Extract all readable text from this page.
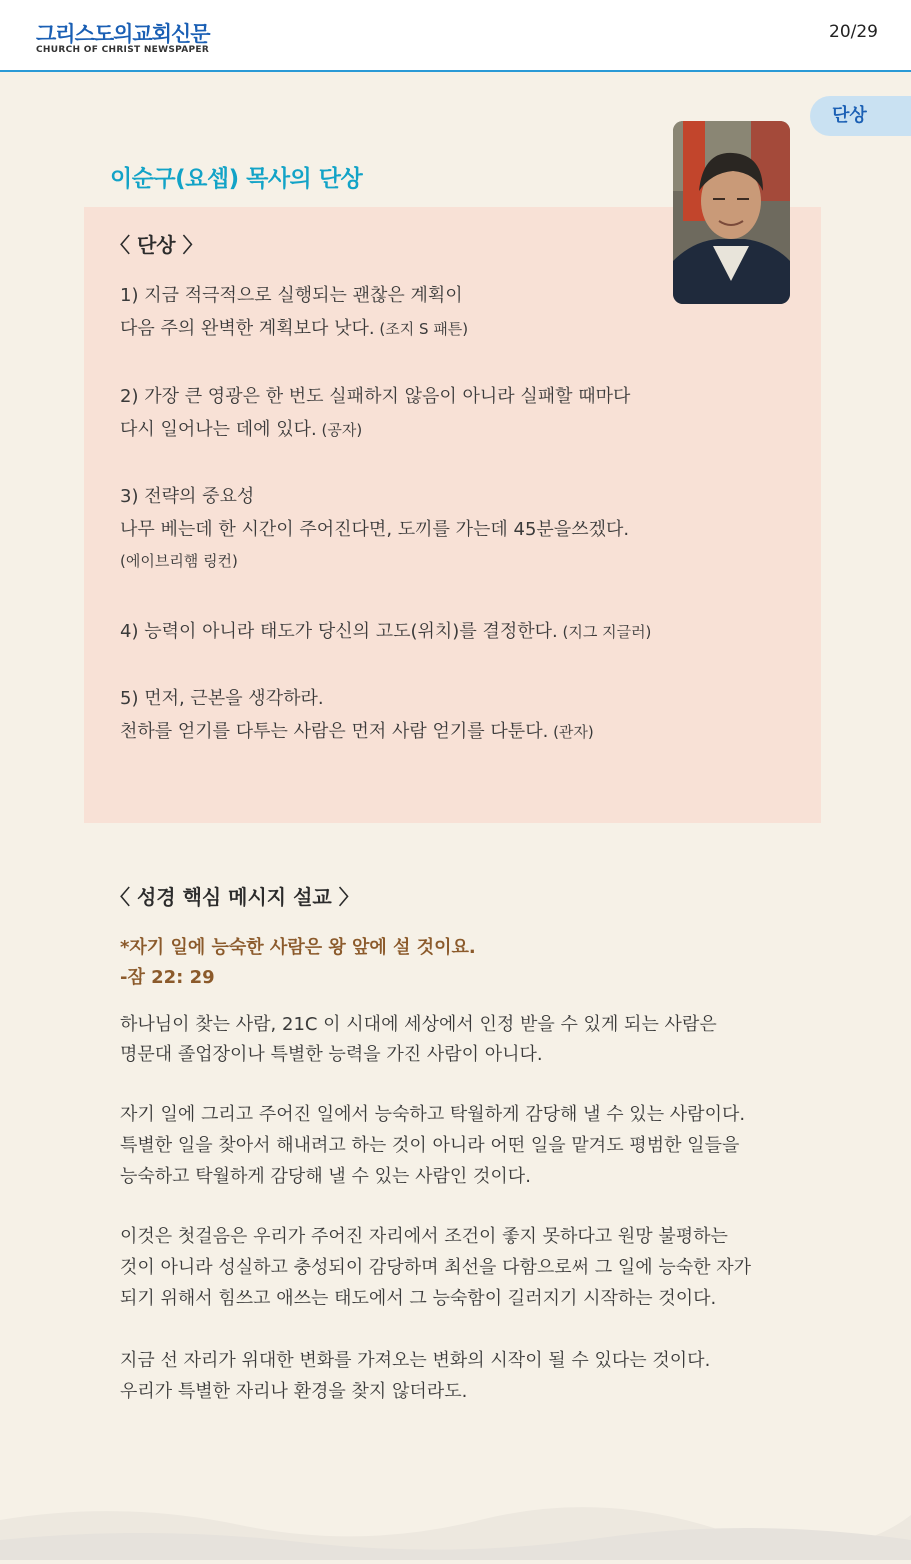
그리스도의교회신문
CHURCH OF CHRIST NEWSPAPER
20/29
단상
이순구(요셉) 목사의 단상
〈 단상 〉
1) 지금 적극적으로 실행되는 괜찮은 계획이
다음 주의 완벽한 계획보다 낫다. (조지 S 패튼)
2) 가장 큰 영광은 한 번도 실패하지 않음이 아니라 실패할 때마다
다시 일어나는 데에 있다. (공자)
3) 전략의 중요성
나무 베는데 한 시간이 주어진다면, 도끼를 가는데 45분을쓰겠다.
(에이브리햄 링컨)
4) 능력이 아니라 태도가 당신의 고도(위치)를 결정한다. (지그 지글러)
5) 먼저, 근본을 생각하라.
천하를 얻기를 다투는 사람은 먼저 사람 얻기를 다툰다. (관자)
〈 성경 핵심 메시지 설교 〉
*자기 일에 능숙한 사람은 왕 앞에 설 것이요.
-잠 22: 29
하나님이 찾는 사람, 21C 이 시대에 세상에서 인정 받을 수 있게 되는 사람은
명문대 졸업장이나 특별한 능력을 가진 사람이 아니다.
자기 일에 그리고 주어진 일에서 능숙하고 탁월하게 감당해 낼 수 있는 사람이다.
특별한 일을 찾아서 해내려고 하는 것이 아니라 어떤 일을 맡겨도 평범한 일들을
능숙하고 탁월하게 감당해 낼 수 있는 사람인 것이다.
이것은 첫걸음은 우리가 주어진 자리에서 조건이 좋지 못하다고 원망 불평하는
것이 아니라 성실하고 충성되이 감당하며 최선을 다함으로써 그 일에 능숙한 자가
되기 위해서 힘쓰고 애쓰는 태도에서 그 능숙함이 길러지기 시작하는 것이다.
지금 선 자리가 위대한 변화를 가져오는 변화의 시작이 될 수 있다는 것이다.
우리가 특별한 자리나 환경을 찾지 않더라도.
